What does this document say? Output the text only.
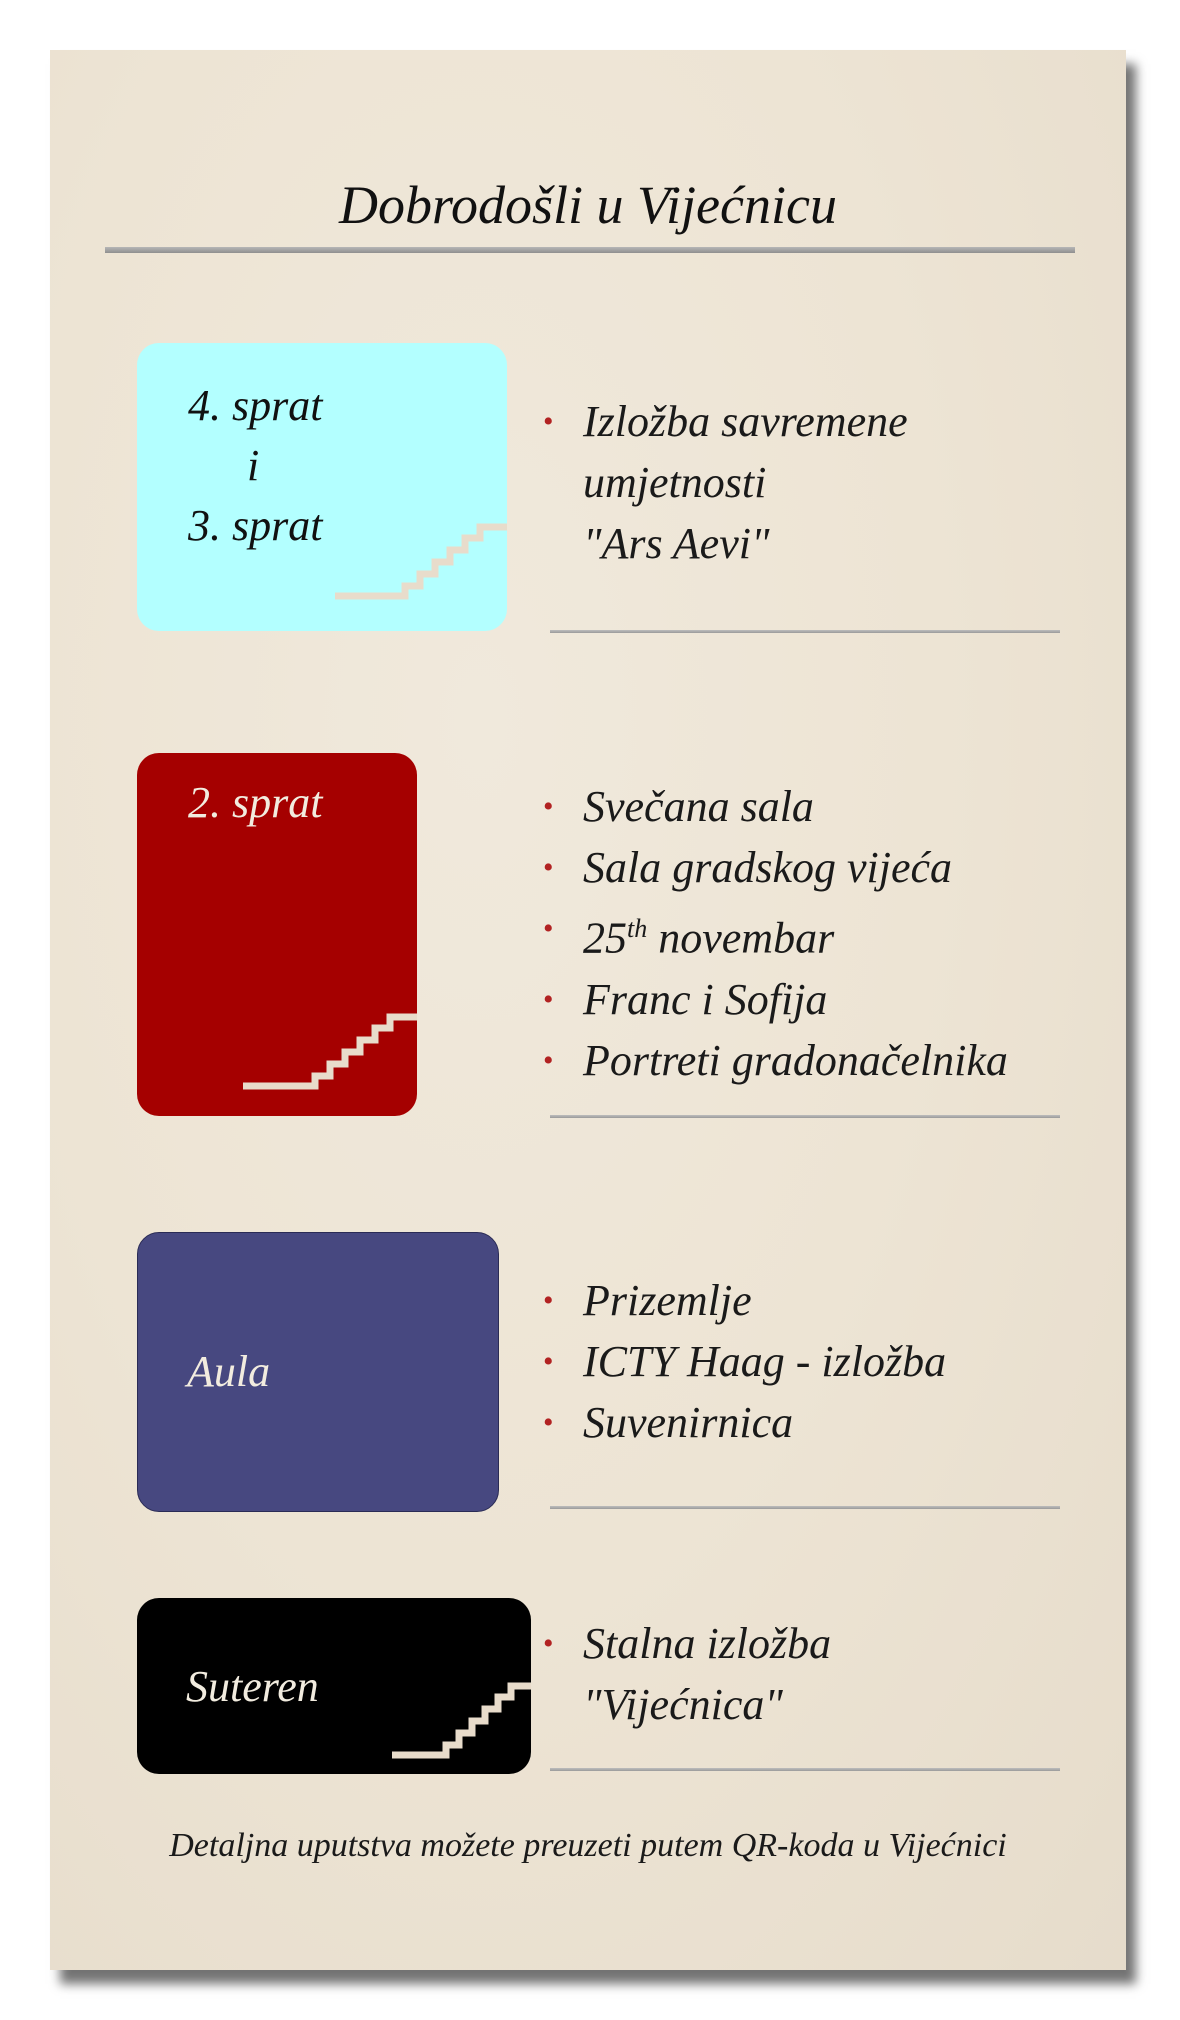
Dobrodošli u Vijećnicu
4. sprat
i
3. sprat
• Izložba savremene
umjetnosti
"Ars Aevi"
2. sprat	• Svečana sala
• Sala gradskog vijeća
• 25th novembar
• Franc i Sofija
• Portreti gradonačelnika
Aula
• Prizemlje
• ICTY Haag - izložba
• Suvenirnica
Suteren
• Stalna izložba
"Vijećnica"
Detaljna uputstva možete preuzeti putem QR-koda u Vijećnici
